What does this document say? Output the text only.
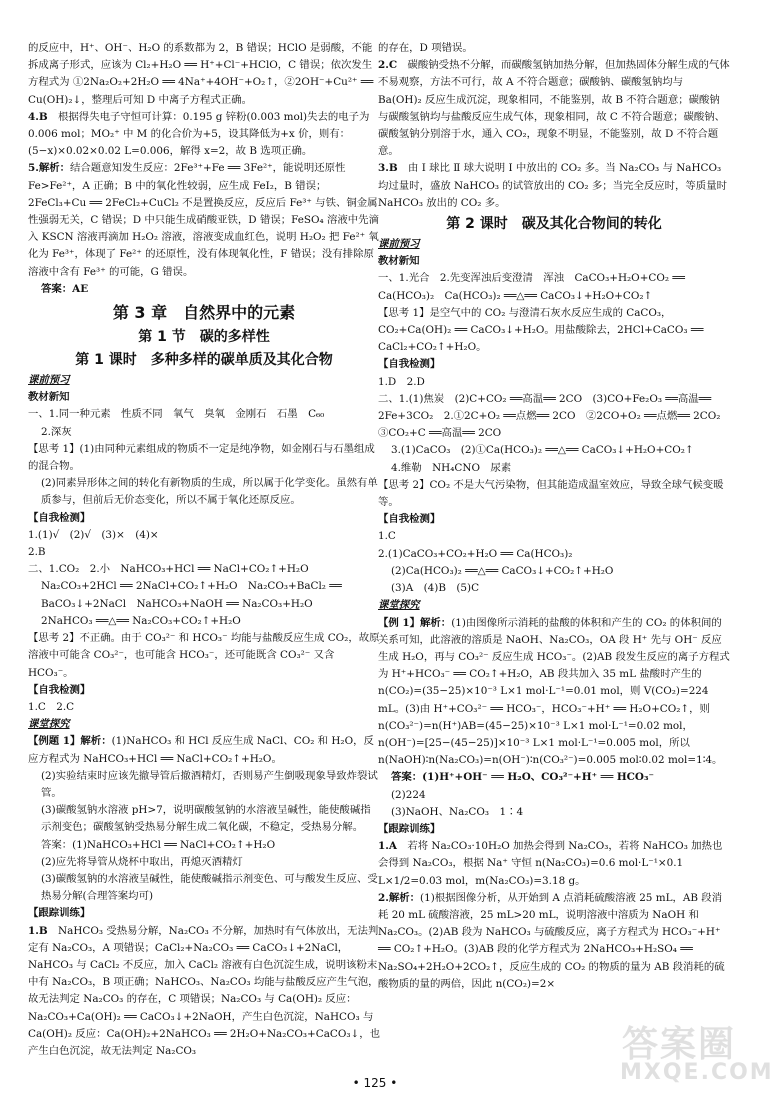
的反应中，H⁺、OH⁻、H₂O 的系数都为 2，B 错误；HClO 是弱酸，不能拆成离子形式，应该为 Cl₂+H₂O ══ H⁺+Cl⁻+HClO，C 错误；依次发生方程式为 ①2Na₂O₂+2H₂O ══ 4Na⁺+4OH⁻+O₂↑，②2OH⁻+Cu²⁺ ══ Cu(OH)₂↓，整理后可知 D 中离子方程式正确。

4.B　 根据得失电子守恒可计算：0.195 g 锌粉(0.003 mol)失去的电子为 0.006 mol；MO₂⁺ 中 M 的化合价为+5，设其降低为+x 价，则有：(5−x)×0.02×0.02 L=0.006，解得 x=2，故 B 选项正确。

5.解析：结合题意知发生反应：2Fe³⁺+Fe ══ 3Fe²⁺，能说明还原性 Fe>Fe²⁺，A 正确；B 中的氧化性较弱，应生成 FeI₂，B 错误；2FeCl₃+Cu ══ 2FeCl₂+CuCl₂ 不是置换反应，反应后 Fe³⁺ 与铁、铜金属性强弱无关，C 错误；D 中只能生成硝酸亚铁，D 错误；FeSO₄ 溶液中先滴入 KSCN 溶液再滴加 H₂O₂ 溶液，溶液变成血红色，说明 H₂O₂ 把 Fe²⁺ 氧化为 Fe³⁺，体现了 Fe²⁺ 的还原性，没有体现氧化性，F 错误；没有排除原溶液中含有 Fe³⁺ 的可能，G 错误。

答案：AE

第 3 章　自然界中的元素
第 1 节　碳的多样性
第 1 课时　多种多样的碳单质及其化合物
课前预习
教材新知

一、1.同一种元素　性质不同　氧气　臭氧　金刚石　石墨　C₆₀

2.深灰

【思考 1】(1)由同种元素组成的物质不一定是纯净物，如金刚石与石墨组成的混合物。

(2)同素异形体之间的转化有新物质的生成，所以属于化学变化。虽然有单质参与，但前后无价态变化，所以不属于氧化还原反应。

【自我检测】

1.(1)√　(2)√　(3)×　(4)×

2.B

二、1.CO₂　2.小　NaHCO₃+HCl ══ NaCl+CO₂↑+H₂O

Na₂CO₃+2HCl ══ 2NaCl+CO₂↑+H₂O　Na₂CO₃+BaCl₂ ══ BaCO₃↓+2NaCl　NaHCO₃+NaOH ══ Na₂CO₃+H₂O

2NaHCO₃ ══△══ Na₂CO₃+CO₂↑+H₂O

【思考 2】不正确。由于 CO₃²⁻ 和 HCO₃⁻ 均能与盐酸反应生成 CO₂，故原溶液中可能含 CO₃²⁻，也可能含 HCO₃⁻，还可能既含 CO₃²⁻ 又含 HCO₃⁻。

【自我检测】

1.C　2.C

课堂探究

【例题 1】解析：(1)NaHCO₃ 和 HCl 反应生成 NaCl、CO₂ 和 H₂O，反应方程式为 NaHCO₃+HCl ══ NaCl+CO₂↑+H₂O。

(2)实验结束时应该先撤导管后撤酒精灯，否则易产生倒吸现象导致炸裂试管。

(3)碳酸氢钠水溶液 pH>7，说明碳酸氢钠的水溶液呈碱性，能使酸碱指示剂变色；碳酸氢钠受热易分解生成二氧化碳，不稳定，受热易分解。

答案：(1)NaHCO₃+HCl ══ NaCl+CO₂↑+H₂O

(2)应先将导管从烧杯中取出，再熄灭酒精灯

(3)碳酸氢钠的水溶液呈碱性，能使酸碱指示剂变色、可与酸发生反应、受热易分解(合理答案均可)

【跟踪训练】

1.B　 NaHCO₃ 受热易分解，Na₂CO₃ 不分解，加热时有气体放出，无法判定有 Na₂CO₃，A 项错误；CaCl₂+Na₂CO₃ ══ CaCO₃↓+2NaCl，NaHCO₃ 与 CaCl₂ 不反应，加入 CaCl₂ 溶液有白色沉淀生成，说明该粉末中有 Na₂CO₃，B 项正确；NaHCO₃、Na₂CO₃ 均能与盐酸反应产生气泡，故无法判定 Na₂CO₃ 的存在，C 项错误；Na₂CO₃ 与 Ca(OH)₂ 反应：Na₂CO₃+Ca(OH)₂ ══ CaCO₃↓+2NaOH，产生白色沉淀，NaHCO₃ 与 Ca(OH)₂ 反应：Ca(OH)₂+2NaHCO₃ ══ 2H₂O+Na₂CO₃+CaCO₃↓，也产生白色沉淀，故无法判定 Na₂CO₃

的存在，D 项错误。

2.C　 碳酸钠受热不分解，而碳酸氢钠加热分解，但加热固体分解生成的气体不易观察，方法不可行，故 A 不符合题意；碳酸钠、碳酸氢钠均与 Ba(OH)₂ 反应生成沉淀，现象相同，不能鉴别，故 B 不符合题意；碳酸钠与碳酸氢钠均与盐酸反应生成气体，现象相同，故 C 不符合题意；碳酸钠、碳酸氢钠分别溶于水，通入 CO₂，现象不明显，不能鉴别，故 D 不符合题意。

3.B　 由 Ⅰ 球比 Ⅱ 球大说明 Ⅰ 中放出的 CO₂ 多。当 Na₂CO₃ 与 NaHCO₃ 均过量时，盛放 NaHCO₃ 的试管放出的 CO₂ 多；当完全反应时，等质量时 NaHCO₃ 放出的 CO₂ 多。

第 2 课时　碳及其化合物间的转化
课前预习
教材新知

一、1.光合　2.先变浑浊后变澄清　浑浊　CaCO₃+H₂O+CO₂ ══

Ca(HCO₃)₂　Ca(HCO₃)₂ ══△══ CaCO₃↓+H₂O+CO₂↑

【思考 1】是空气中的 CO₂ 与澄清石灰水反应生成的 CaCO₃，CO₂+Ca(OH)₂ ══ CaCO₃↓+H₂O。用盐酸除去，2HCl+CaCO₃ ══ CaCl₂+CO₂↑+H₂O。

【自我检测】

1.D　2.D

二、1.(1)焦炭　(2)C+CO₂ ══高温══ 2CO　(3)CO+Fe₂O₃ ══高温══ 2Fe+3CO₂　2.①2C+O₂ ══点燃══ 2CO　②2CO+O₂ ══点燃══ 2CO₂　③CO₂+C ══高温══ 2CO

3.(1)CaCO₃　(2)①Ca(HCO₃)₂ ══△══ CaCO₃↓+H₂O+CO₂↑

4.维勒　NH₄CNO　尿素

【思考 2】CO₂ 不是大气污染物，但其能造成温室效应，导致全球气候变暖等。

【自我检测】

1.C

2.(1)CaCO₃+CO₂+H₂O ══ Ca(HCO₃)₂

(2)Ca(HCO₃)₂ ══△══ CaCO₃↓+CO₂↑+H₂O

(3)A　(4)B　(5)C

课堂探究

【例 1】解析：(1)由图像所示消耗的盐酸的体积和产生的 CO₂ 的体积间的关系可知，此溶液的溶质是 NaOH、Na₂CO₃，OA 段 H⁺ 先与 OH⁻ 反应生成 H₂O，再与 CO₃²⁻ 反应生成 HCO₃⁻。(2)AB 段发生反应的离子方程式为 H⁺+HCO₃⁻ ══ CO₂↑+H₂O，AB 段共加入 35 mL 盐酸时产生的 n(CO₂)=(35−25)×10⁻³ L×1 mol·L⁻¹=0.01 mol，则 V(CO₂)=224 mL。(3)由 H⁺+CO₃²⁻ ══ HCO₃⁻，HCO₃⁻+H⁺ ══ H₂O+CO₂↑，则 n(CO₃²⁻)=n(H⁺)AB=(45−25)×10⁻³ L×1 mol·L⁻¹=0.02 mol，n(OH⁻)=[25−(45−25)]×10⁻³ L×1 mol·L⁻¹=0.005 mol，所以 n(NaOH)∶n(Na₂CO₃)=n(OH⁻)∶n(CO₃²⁻)=0.005 mol∶0.02 mol=1∶4。

答案：(1)H⁺+OH⁻ ══ H₂O、CO₃²⁻+H⁺ ══ HCO₃⁻

(2)224

(3)NaOH、Na₂CO₃　1∶4

【跟踪训练】

1.A　 若将 Na₂CO₃·10H₂O 加热会得到 Na₂CO₃，若将 NaHCO₃ 加热也会得到 Na₂CO₃，根据 Na⁺ 守恒 n(Na₂CO₃)=0.6 mol·L⁻¹×0.1 L×1/2=0.03 mol，m(Na₂CO₃)=3.18 g。

2.解析：(1)根据图像分析，从开始到 A 点消耗硫酸溶液 25 mL，AB 段消耗 20 mL 硫酸溶液，25 mL>20 mL，说明溶液中溶质为 NaOH 和 Na₂CO₃。(2)AB 段为 NaHCO₃ 与硫酸反应，离子方程式为 HCO₃⁻+H⁺ ══ CO₂↑+H₂O。(3)AB 段的化学方程式为 2NaHCO₃+H₂SO₄ ══ Na₂SO₄+2H₂O+2CO₂↑，反应生成的 CO₂ 的物质的量为 AB 段消耗的硫酸物质的量的两倍，因此 n(CO₂)=2×

• 125 •
答案圈
MXQE.COM
